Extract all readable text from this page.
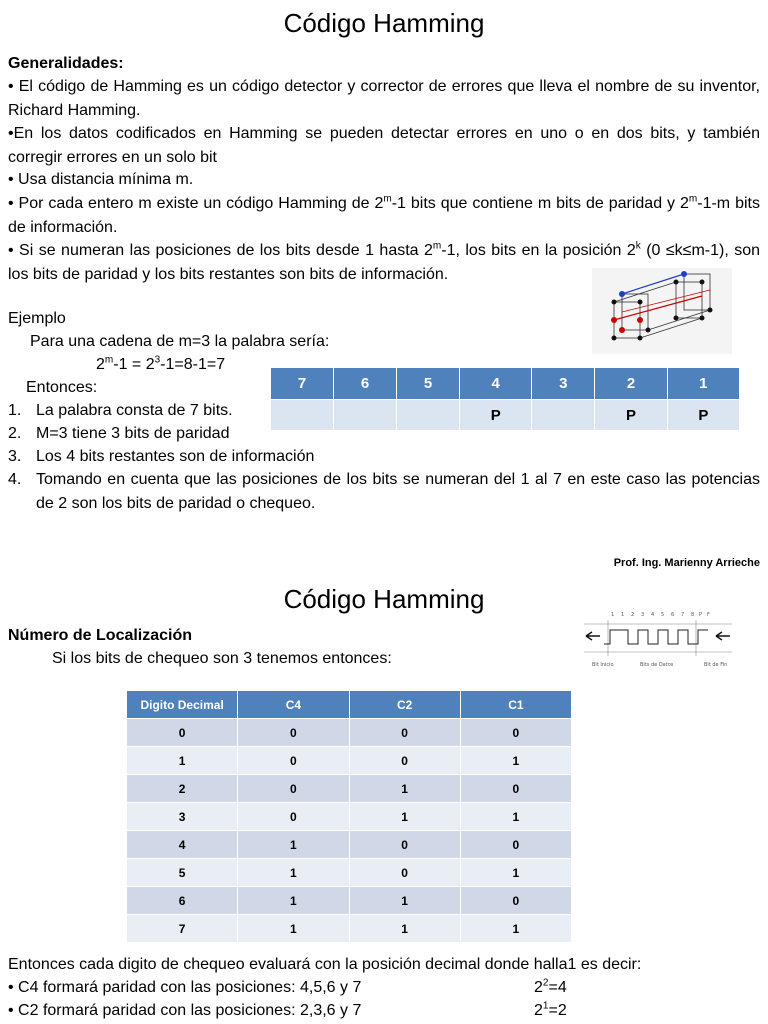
Código Hamming
Generalidades:
• El código de Hamming es un código detector y corrector de errores que lleva el nombre de su inventor, Richard Hamming.
•En los datos codificados en Hamming se pueden detectar errores en uno o en dos bits, y también corregir errores en un solo bit
• Usa distancia mínima m.
• Por cada entero m existe un código Hamming de 2$^m$-1 bits que contiene m bits de paridad y 2$^m$-1-m bits de información.
• Si se numeran las posiciones de los bits desde 1 hasta 2$^m$-1, los bits en la posición 2$^k$ (0 ≤k≤m-1), son los bits de paridad y los bits restantes son bits de información.
Ejemplo
Para una cadena de m=3 la palabra sería:
$2^m-1 = 2^3-1=8-1=7$
Entonces:	7	6	5	4	3	2	1
			P		P	P
1. La palabra consta de 7 bits.
2. M=3 tiene 3 bits de paridad
3. Los 4 bits restantes son de información
4. Tomando en cuenta que las posiciones de los bits se numeran del 1 al 7 en este caso las potencias de 2 son los bits de paridad o chequeo.
Prof. Ing. Marienny Arrieche
Código Hamming
Número de Localización
Si los bits de chequeo son 3 tenemos entonces:
1 1 2 3 4 5 6 7 8 P F
Bit Inicio	Bits de Datos	Bit de Fin
Digito Decimal	C4	C2	C1
0	0	0	0
1	0	0	1
2	0	1	0
3	0	1	1
4	1	0	0
5	1	0	1
6	1	1	0
7	1	1	1
Entonces cada digito de chequeo evaluará con la posición decimal donde halla1 es decir:
• C4 formará paridad con las posiciones: 4,5,6 y 7	$2^2=4$
• C2 formará paridad con las posiciones: 2,3,6 y 7	$2^1=2$
